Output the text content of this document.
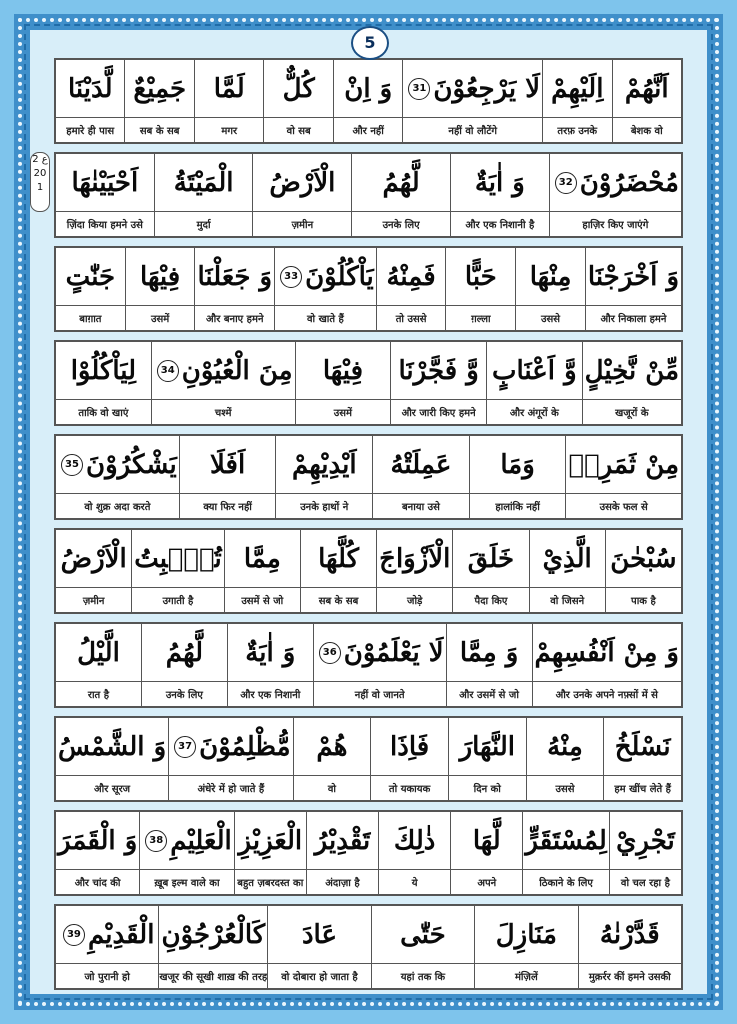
5
2 ع 20 1
اَنَّهُمْ
बेशक वो
اِلَيْهِمْ
तरफ़ उनके
لَا يَرْجِعُوْنَ
31
नहीं वो लौटेंगे
وَ اِنْ
और नहीं
كُلٌّ
वो सब
لَمَّا
मगर
جَمِيْعٌ
सब के सब
لَّدَيْنَا
हमारे ही पास
مُحْضَرُوْنَ
32
हाज़िर किए जाएंगे
وَ اٰيَةٌ
और एक निशानी है
لَّهُمُ
उनके लिए
الْاَرْضُ
ज़मीन
الْمَيْتَةُ
मुर्दा
اَحْيَيْنٰهَا
ज़िंदा किया हमने उसे
وَ اَخْرَجْنَا
और निकाला हमने
مِنْهَا
उससे
حَبًّا
ग़ल्ला
فَمِنْهُ
तो उससे
يَاْكُلُوْنَ
33
वो खाते हैं
وَ جَعَلْنَا
और बनाए हमने
فِيْهَا
उसमें
جَنّٰتٍ
बाग़ात
مِّنْ نَّخِيْلٍ
खजूरों के
وَّ اَعْنَابٍ
और अंगूरों के
وَّ فَجَّرْنَا
और जारी किए हमने
فِيْهَا
उसमें
مِنَ الْعُيُوْنِ
34
चश्में
لِيَاْكُلُوْا
ताकि वो खाएं
مِنْ ثَمَرِهٖ
उसके फल से
وَمَا
हालांकि नहीं
عَمِلَتْهُ
बनाया उसे
اَيْدِيْهِمْ
उनके हाथों ने
اَفَلَا
क्या फिर नहीं
يَشْكُرُوْنَ
35
वो शुक्र अदा करते
سُبْحٰنَ
पाक है
الَّذِيْ
वो जिसने
خَلَقَ
पैदा किए
الْاَزْوَاجَ
जोड़े
كُلَّهَا
सब के सब
مِمَّا
उसमें से जो
تُنْۢبِتُ
उगाती है
الْاَرْضُ
ज़मीन
وَ مِنْ اَنْفُسِهِمْ
और उनके अपने नफ़्सों में से
وَ مِمَّا
और उसमें से जो
لَا يَعْلَمُوْنَ
36
नहीं वो जानते
وَ اٰيَةٌ
और एक निशानी
لَّهُمُ
उनके लिए
الَّيْلُ
रात है
نَسْلَخُ
हम खींच लेते हैं
مِنْهُ
उससे
النَّهَارَ
दिन को
فَاِذَا
तो यकायक
هُمْ
वो
مُّظْلِمُوْنَ
37
अंधेरे में हो जाते हैं
وَ الشَّمْسُ
और सूरज
تَجْرِيْ
वो चल रहा है
لِمُسْتَقَرٍّ
ठिकाने के लिए
لَّهَا
अपने
ذٰلِكَ
ये
تَقْدِيْرُ
अंदाज़ा है
الْعَزِيْزِ
बहुत ज़बरदस्त का
الْعَلِيْمِ
38
ख़ूब इल्म वाले का
وَ الْقَمَرَ
और चांद की
قَدَّرْنٰهُ
मुक़र्रर कीं हमने उसकी
مَنَازِلَ
मंज़िलें
حَتّٰى
यहां तक कि
عَادَ
वो दोबारा हो जाता है
كَالْعُرْجُوْنِ
खजूर की सूखी शाख़ की तरह
الْقَدِيْمِ
39
जो पुरानी हो
